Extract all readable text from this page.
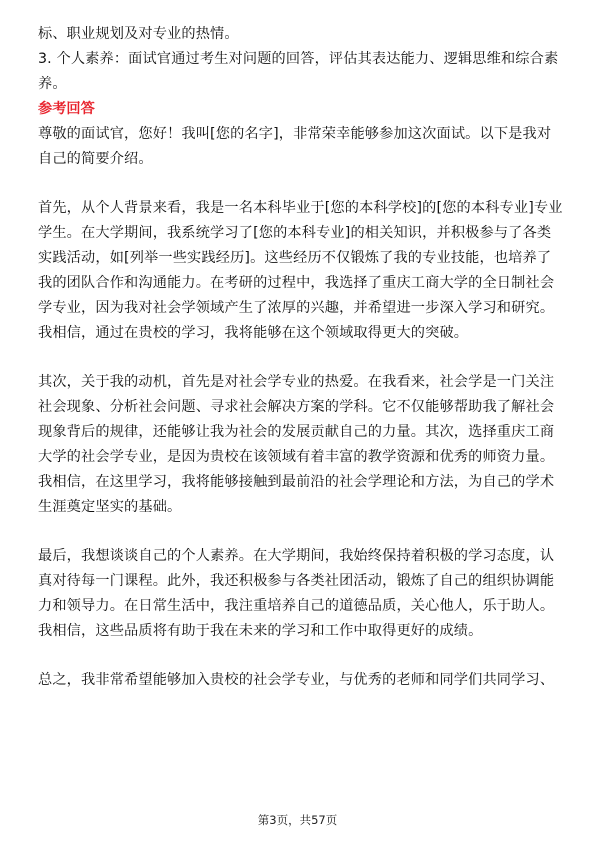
标、职业规划及对专业的热情。
3. 个人素养：面试官通过考生对问题的回答，评估其表达能力、逻辑思维和综合素
养。
参考回答
尊敬的面试官，您好！我叫[您的名字]，非常荣幸能够参加这次面试。以下是我对
自己的简要介绍。
首先，从个人背景来看，我是一名本科毕业于[您的本科学校]的[您的本科专业]专业
学生。在大学期间，我系统学习了[您的本科专业]的相关知识，并积极参与了各类
实践活动，如[列举一些实践经历]。这些经历不仅锻炼了我的专业技能，也培养了
我的团队合作和沟通能力。在考研的过程中，我选择了重庆工商大学的全日制社会
学专业，因为我对社会学领域产生了浓厚的兴趣，并希望进一步深入学习和研究。
我相信，通过在贵校的学习，我将能够在这个领域取得更大的突破。
其次，关于我的动机，首先是对社会学专业的热爱。在我看来，社会学是一门关注
社会现象、分析社会问题、寻求社会解决方案的学科。它不仅能够帮助我了解社会
现象背后的规律，还能够让我为社会的发展贡献自己的力量。其次，选择重庆工商
大学的社会学专业，是因为贵校在该领域有着丰富的教学资源和优秀的师资力量。
我相信，在这里学习，我将能够接触到最前沿的社会学理论和方法，为自己的学术
生涯奠定坚实的基础。
最后，我想谈谈自己的个人素养。在大学期间，我始终保持着积极的学习态度，认
真对待每一门课程。此外，我还积极参与各类社团活动，锻炼了自己的组织协调能
力和领导力。在日常生活中，我注重培养自己的道德品质，关心他人，乐于助人。
我相信，这些品质将有助于我在未来的学习和工作中取得更好的成绩。
总之，我非常希望能够加入贵校的社会学专业，与优秀的老师和同学们共同学习、
第3页，共57页
